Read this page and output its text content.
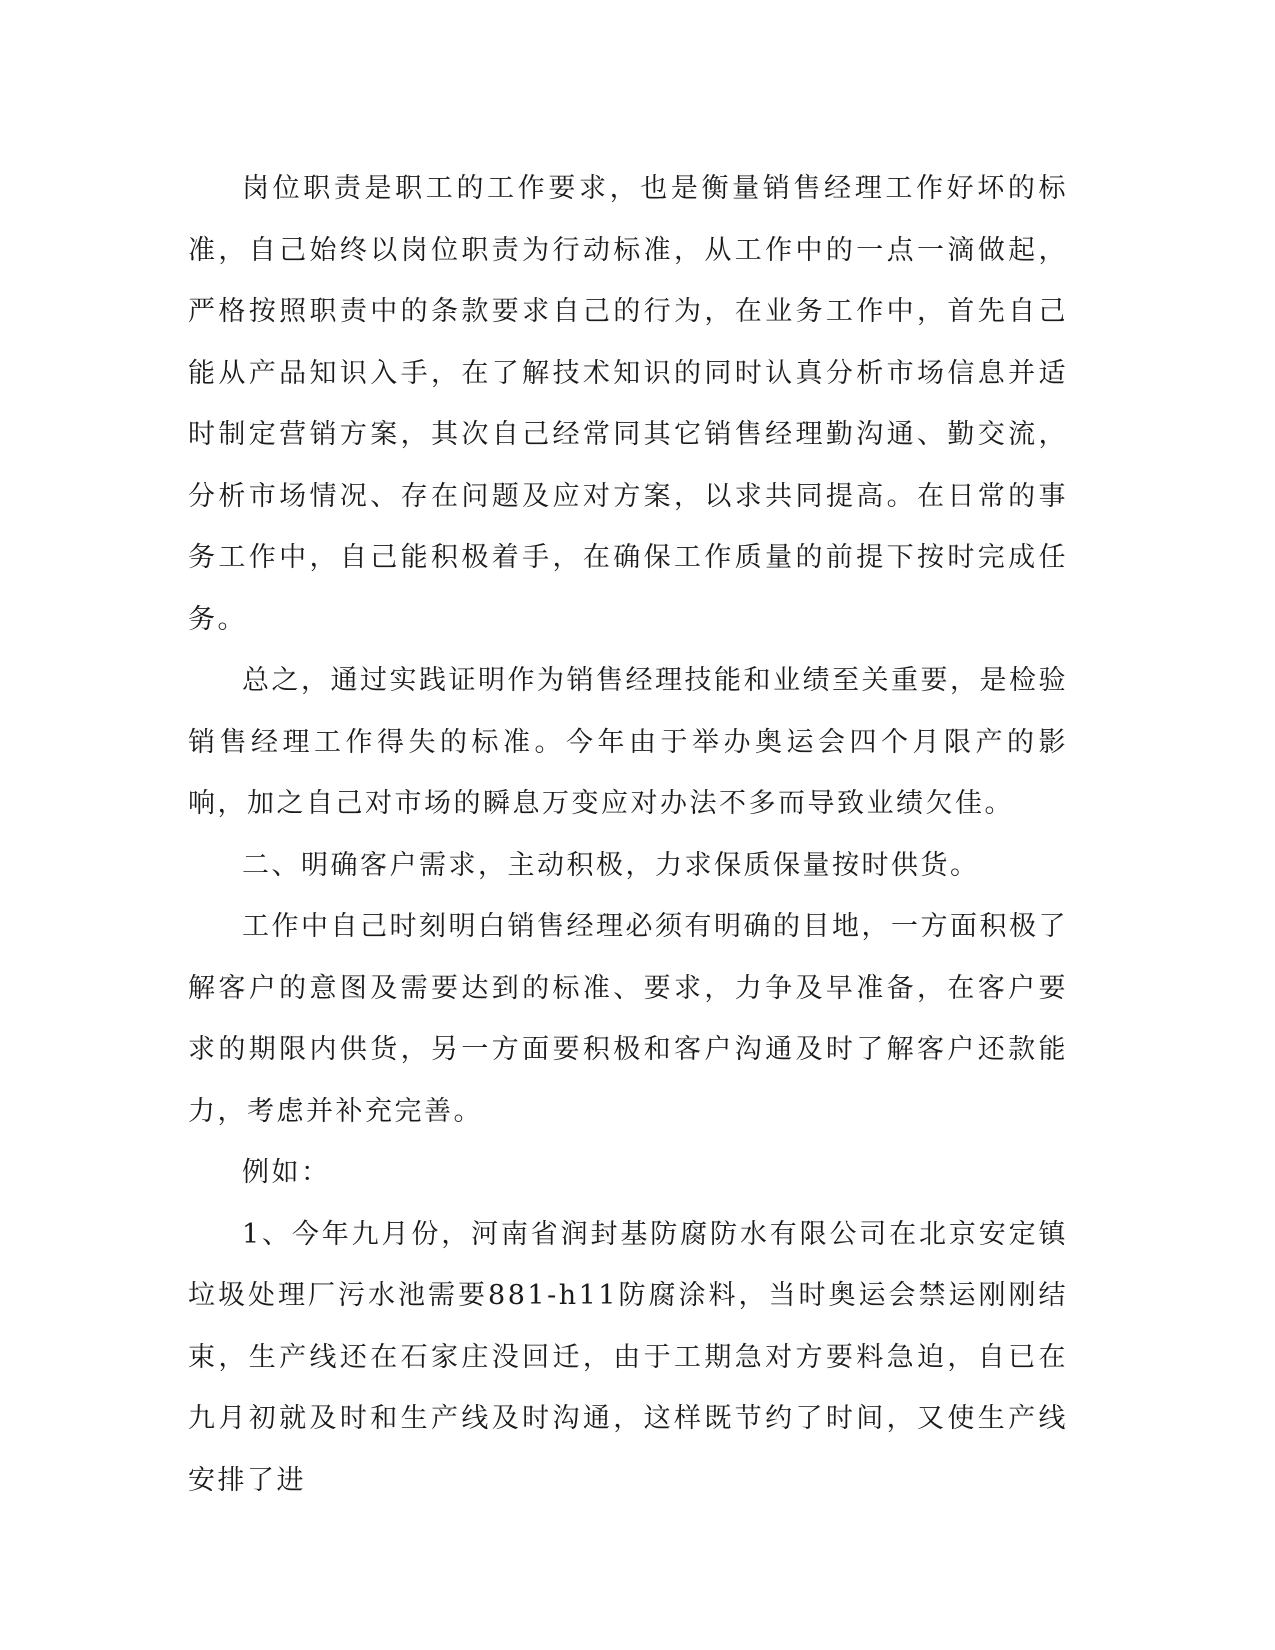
岗位职责是职工的工作要求，也是衡量销售经理工作好坏的标准，自己始终以岗位职责为行动标准，从工作中的一点一滴做起，严格按照职责中的条款要求自己的行为，在业务工作中，首先自己能从产品知识入手，在了解技术知识的同时认真分析市场信息并适时制定营销方案，其次自己经常同其它销售经理勤沟通、勤交流，分析市场情况、存在问题及应对方案，以求共同提高。在日常的事务工作中，自己能积极着手，在确保工作质量的前提下按时完成任务。

总之，通过实践证明作为销售经理技能和业绩至关重要，是检验销售经理工作得失的标准。今年由于举办奥运会四个月限产的影响，加之自己对市场的瞬息万变应对办法不多而导致业绩欠佳。

二、明确客户需求，主动积极，力求保质保量按时供货。

工作中自己时刻明白销售经理必须有明确的目地，一方面积极了解客户的意图及需要达到的标准、要求，力争及早准备，在客户要求的期限内供货，另一方面要积极和客户沟通及时了解客户还款能力，考虑并补充完善。

例如：

1、今年九月份，河南省润封基防腐防水有限公司在北京安定镇垃圾处理厂污水池需要881-h11防腐涂料，当时奥运会禁运刚刚结束，生产线还在石家庄没回迁，由于工期急对方要料急迫，自已在九月初就及时和生产线及时沟通，这样既节约了时间，又使生产线安排了进
